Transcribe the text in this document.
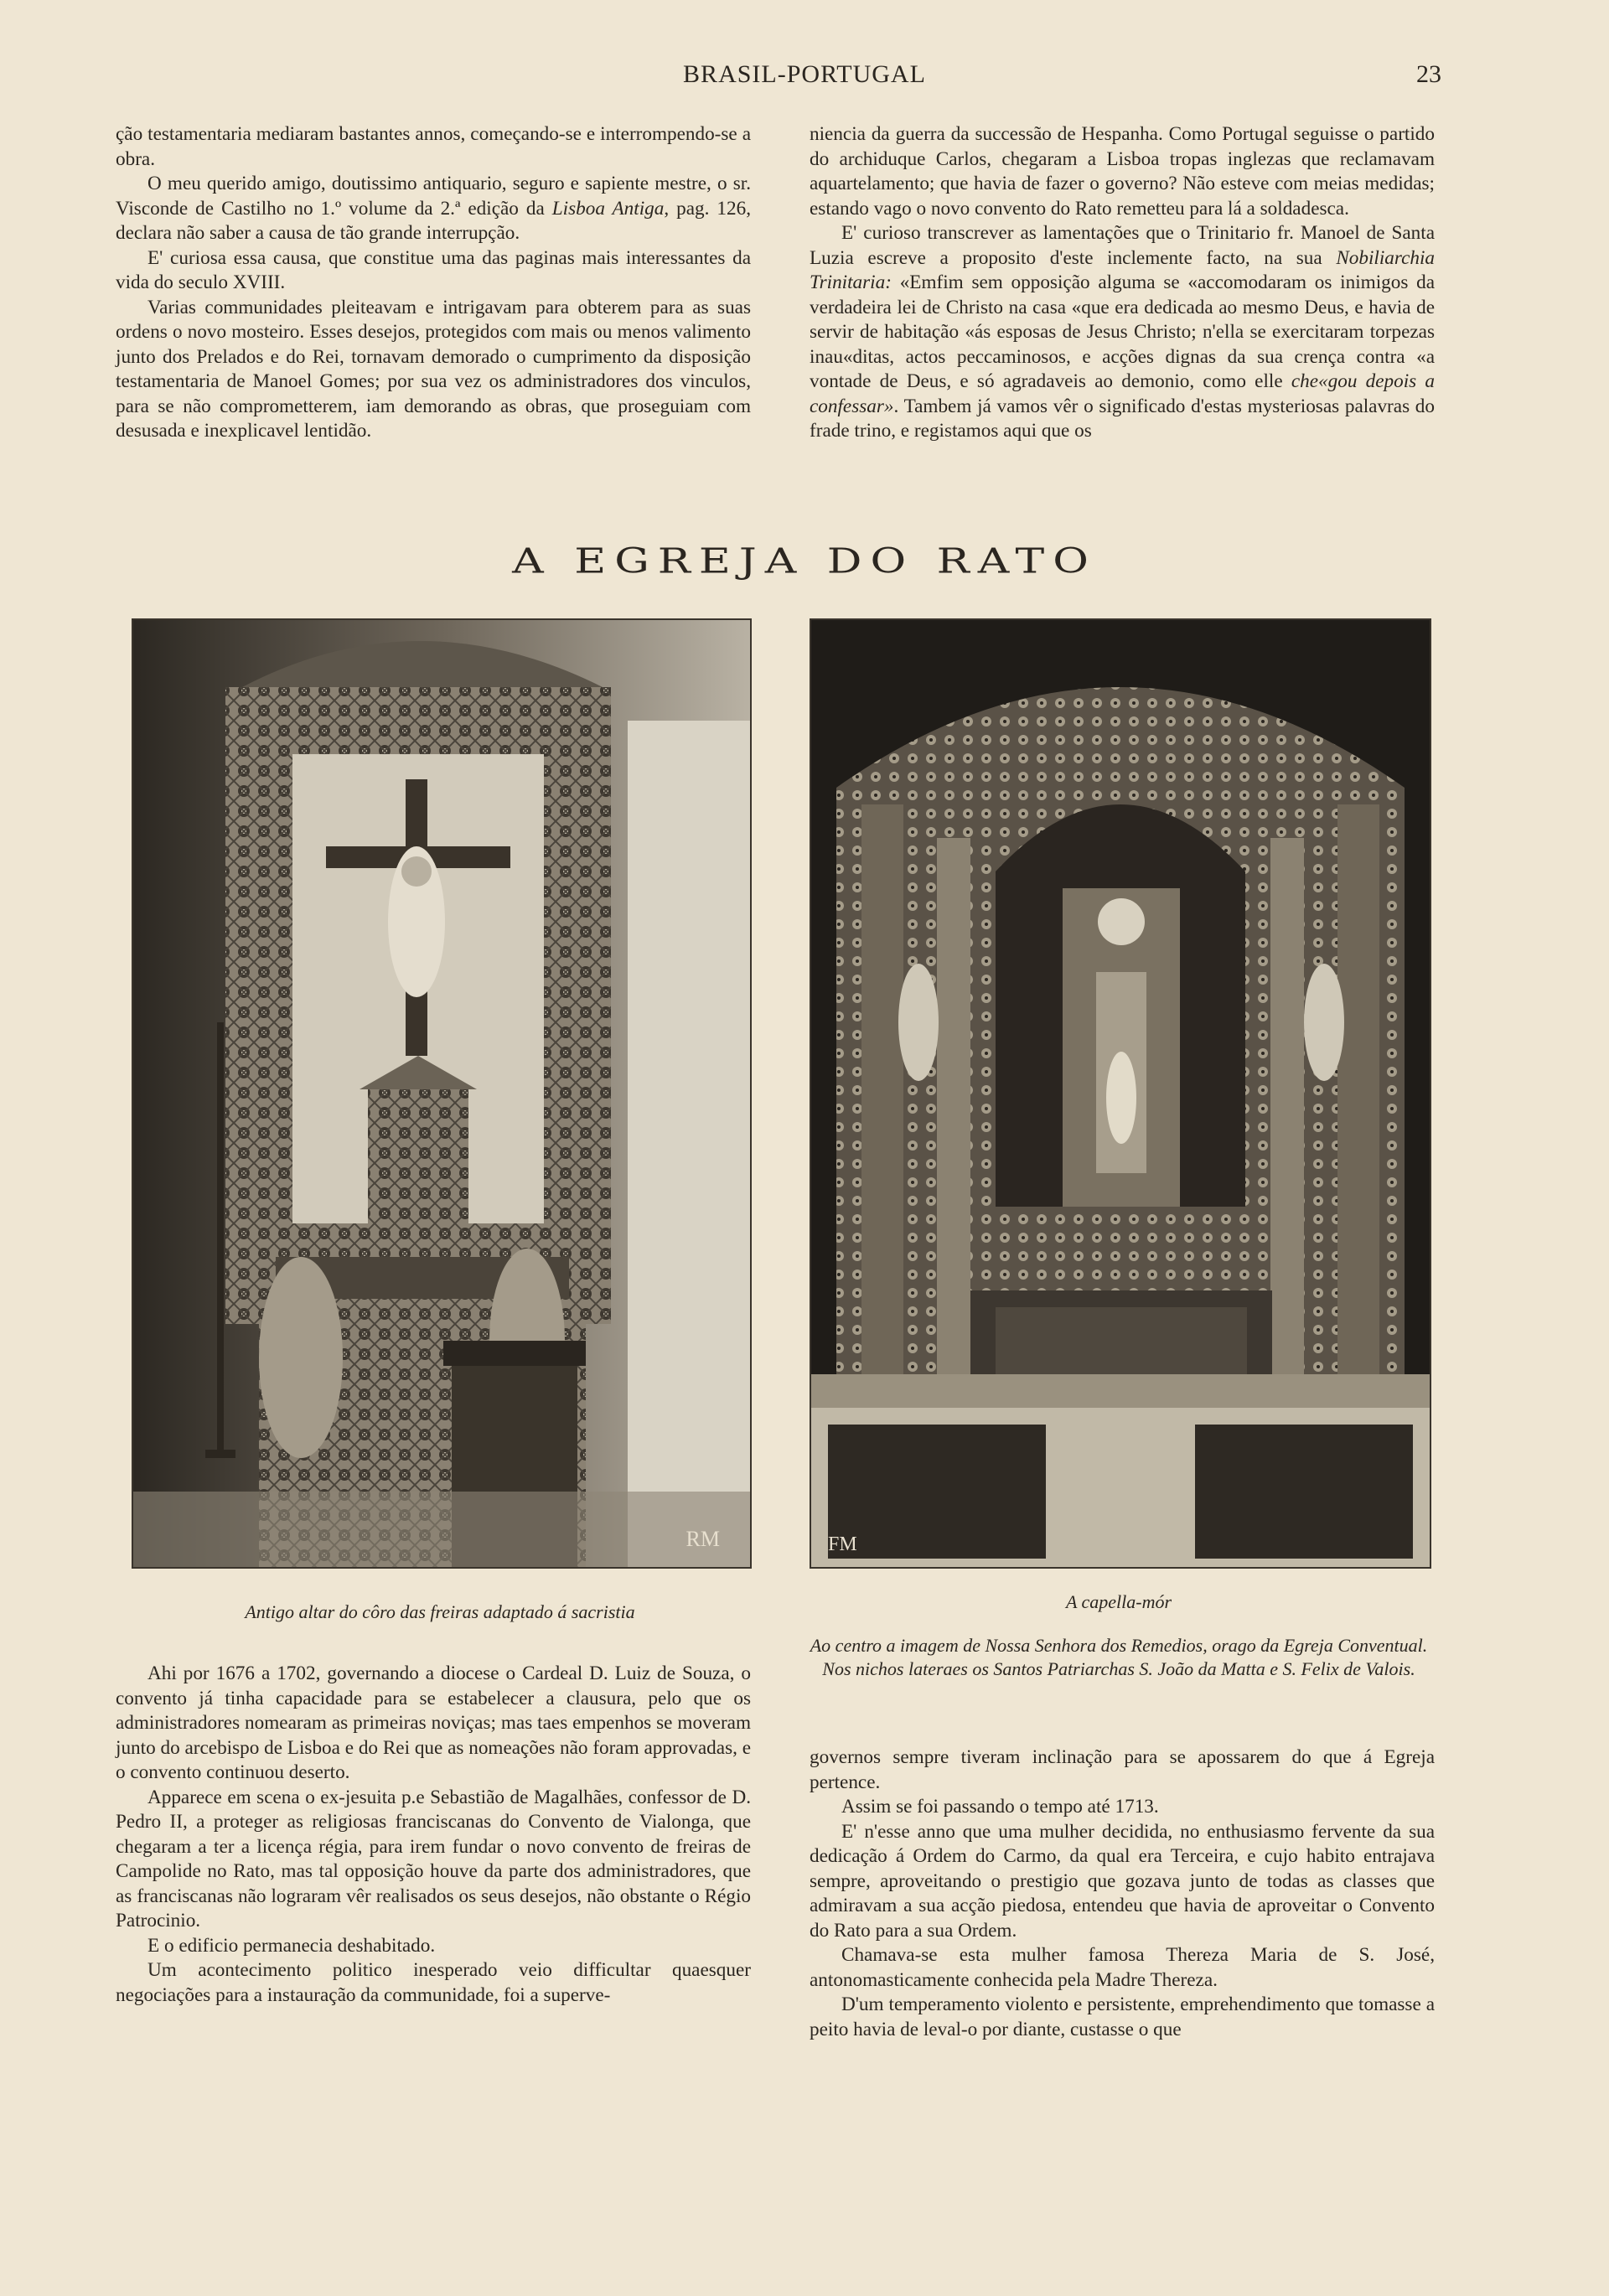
BRASIL-PORTUGAL	23

ção testamentaria mediaram bastantes annos, começando-se e interrompendo-se a obra.

O meu querido amigo, doutissimo antiquario, seguro e sapiente mestre, o sr. Visconde de Castilho no 1.º volume da 2.ª edição da Lisboa Antiga, pag. 126, declara não saber a causa de tão grande interrupção.

E' curiosa essa causa, que constitue uma das paginas mais interessantes da vida do seculo XVIII.

Varias communidades pleiteavam e intrigavam para obterem para as suas ordens o novo mosteiro. Esses desejos, protegidos com mais ou menos valimento junto dos Prelados e do Rei, tornavam demorado o cumprimento da disposição testamentaria de Manoel Gomes; por sua vez os administradores dos vinculos, para se não comprometterem, iam demorando as obras, que proseguiam com desusada e inexplicavel lentidão.

niencia da guerra da successão de Hespanha. Como Portugal seguisse o partido do archiduque Carlos, chegaram a Lisboa tropas inglezas que reclamavam aquartelamento; que havia de fazer o governo? Não esteve com meias medidas; estando vago o novo convento do Rato remetteu para lá a soldadesca.

E' curioso transcrever as lamentações que o Trinitario fr. Manoel de Santa Luzia escreve a proposito d'este inclemente facto, na sua Nobiliarchia Trinitaria: «Emfim sem opposição alguma se «accomodaram os inimigos da verdadeira lei de Christo na casa «que era dedicada ao mesmo Deus, e havia de servir de habitação «ás esposas de Jesus Christo; n'ella se exercitaram torpezas inau«ditas, actos peccaminosos, e acções dignas da sua crença contra «a vontade de Deus, e só agradaveis ao demonio, como elle che«gou depois a confessar». Tambem já vamos vêr o significado d'estas mysteriosas palavras do frade trino, e registamos aqui que os

A EGREJA DO RATO
RM	FM
Antigo altar do côro das freiras adaptado á sacristia	A capella-mór
Ao centro a imagem de Nossa Senhora dos Remedios, orago da Egreja Conventual. Nos nichos lateraes os Santos Patriarchas S. João da Matta e S. Felix de Valois.

Ahi por 1676 a 1702, governando a diocese o Cardeal D. Luiz de Souza, o convento já tinha capacidade para se estabelecer a clausura, pelo que os administradores nomearam as primeiras noviças; mas taes empenhos se moveram junto do arcebispo de Lisboa e do Rei que as nomeações não foram approvadas, e o convento continuou deserto.

Apparece em scena o ex-jesuita p.e Sebastião de Magalhães, confessor de D. Pedro II, a proteger as religiosas franciscanas do Convento de Vialonga, que chegaram a ter a licença régia, para irem fundar o novo convento de freiras de Campolide no Rato, mas tal opposição houve da parte dos administradores, que as franciscanas não lograram vêr realisados os seus desejos, não obstante o Régio Patrocinio.

E o edificio permanecia deshabitado.

Um acontecimento politico inesperado veio difficultar quaesquer negociações para a instauração da communidade, foi a superve-

governos sempre tiveram inclinação para se apossarem do que á Egreja pertence.

Assim se foi passando o tempo até 1713.

E' n'esse anno que uma mulher decidida, no enthusiasmo fervente da sua dedicação á Ordem do Carmo, da qual era Terceira, e cujo habito entrajava sempre, aproveitando o prestigio que gozava junto de todas as classes que admiravam a sua acção piedosa, entendeu que havia de aproveitar o Convento do Rato para a sua Ordem.

Chamava-se esta mulher famosa Thereza Maria de S. José, antonomasticamente conhecida pela Madre Thereza.

D'um temperamento violento e persistente, emprehendimento que tomasse a peito havia de leval-o por diante, custasse o que
